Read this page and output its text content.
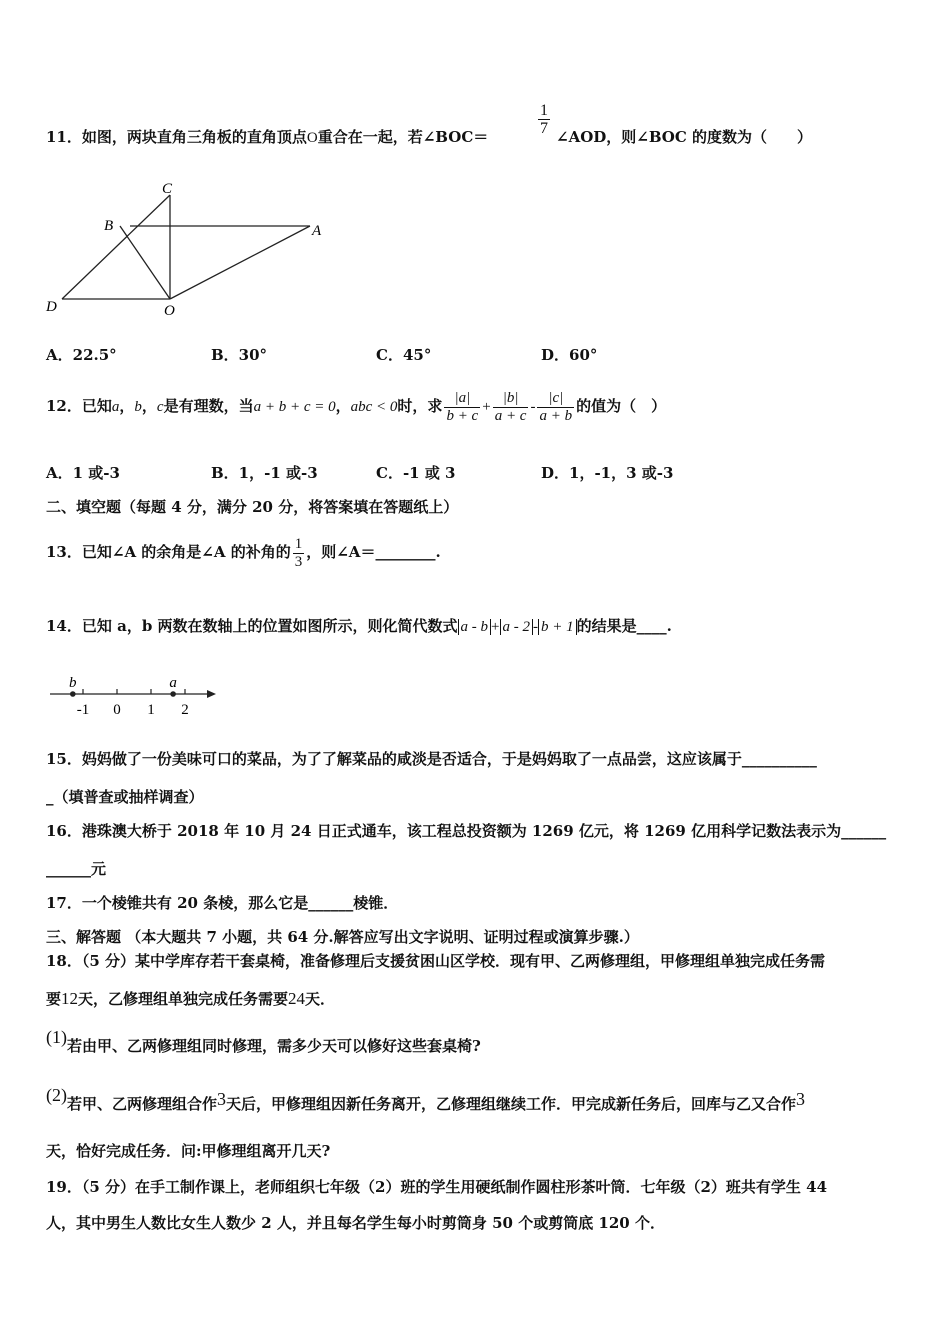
11．如图，两块直角三角板的直角顶点O重合在一起，若∠BOC＝	$\frac{1}{7}$ ∠AOD，则∠BOC 的度数为（　　）
C
B	A
D	O
A．22.5°	B．30°	C．45°	D．60°
12．已知a，b，c是有理数，当a + b + c = 0，abc < 0时，求 $\frac{|a|}{b + c} + \frac{|b|}{a + c} - \frac{|c|}{a + b}$ 的值为（　）
A．1 或-3	B．1，-1 或-3	C．-1 或 3	D．1，-1，3 或-3
二、填空题（每题 4 分，满分 20 分，将答案填在答题纸上）
13．已知∠A 的余角是∠A 的补角的 $\frac{1}{3}$ ，则∠A＝________.
14．已知 a，b 两数在数轴上的位置如图所示，则化简代数式 a - b + a - 2 - b + 1 的结果是____.
-1 0 1 2
b	a
15．妈妈做了一份美味可口的菜品，为了了解菜品的咸淡是否适合，于是妈妈取了一点品尝，这应该属于__________
_（填普查或抽样调查）
16．港珠澳大桥于 2018 年 10 月 24 日正式通车，该工程总投资额为 1269 亿元，将 1269 亿用科学记数法表示为______
______元
17．一个棱锥共有 20 条棱，那么它是______棱锥．
三、解答题 （本大题共 7 小题，共 64 分.解答应写出文字说明、证明过程或演算步骤.）
18．（5 分）某中学库存若干套桌椅，准备修理后支援贫困山区学校．现有甲、乙两修理组，甲修理组单独完成任务需
要12天，乙修理组单独完成任务需要24天．
(1)若由甲、乙两修理组同时修理，需多少天可以修好这些套桌椅?
(2)若甲、乙两修理组合作3天后，甲修理组因新任务离开，乙修理组继续工作．甲完成新任务后，回库与乙又合作3
天，恰好完成任务．问:甲修理组离开几天?
19．（5 分）在手工制作课上，老师组织七年级（2）班的学生用硬纸制作圆柱形茶叶筒．七年级（2）班共有学生 44
人，其中男生人数比女生人数少 2 人，并且每名学生每小时剪筒身 50 个或剪筒底 120 个．
